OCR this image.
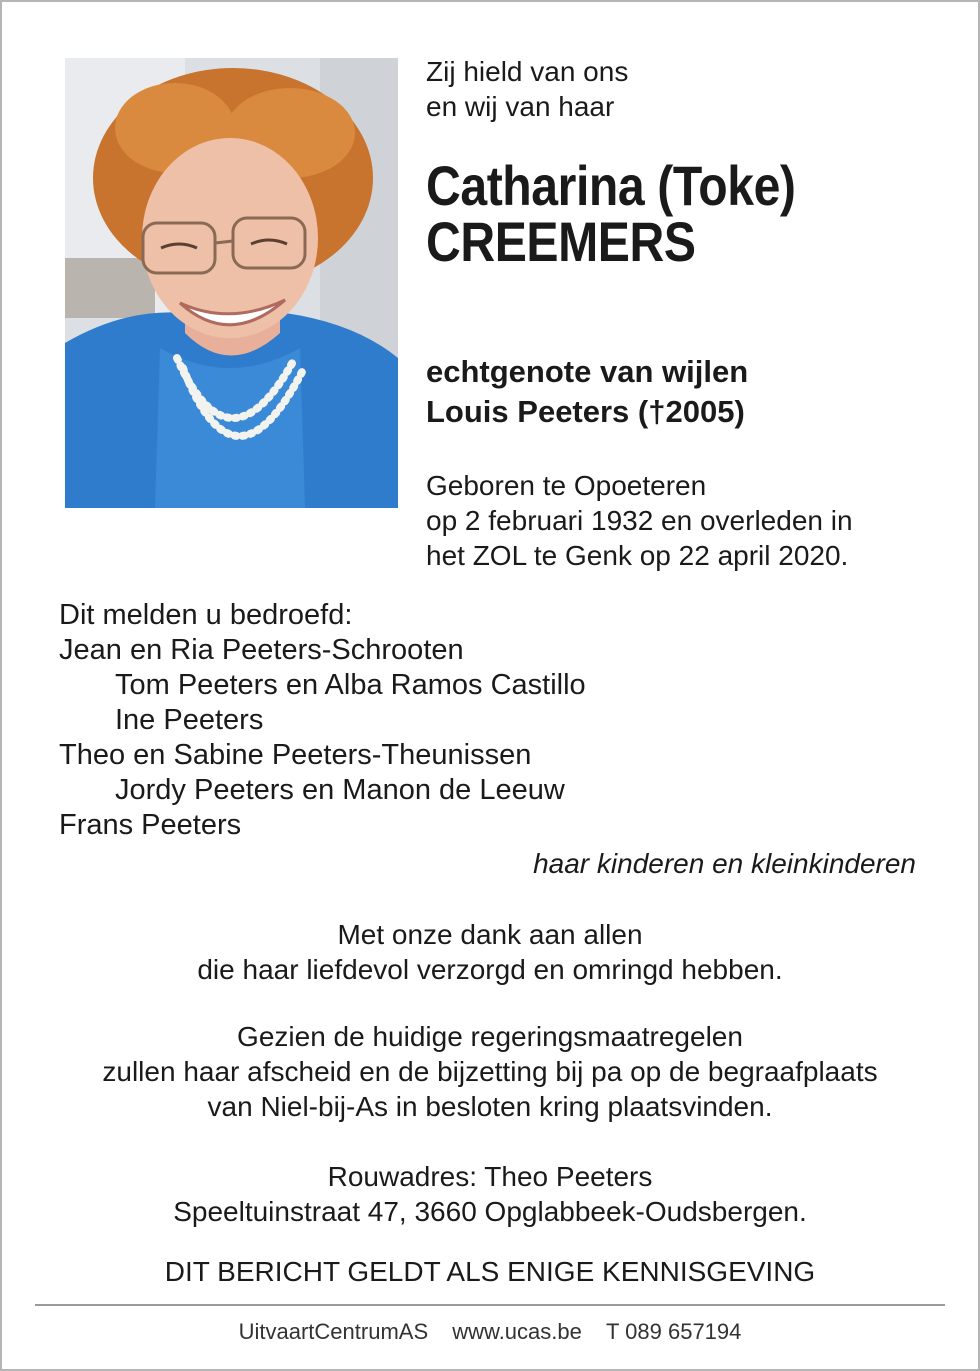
Zij hield van ons
en wij van haar
Catharina (Toke)
CREEMERS
echtgenote van wijlen
Louis Peeters (†2005)
Geboren te Opoeteren
op 2 februari 1932 en overleden in
het ZOL te Genk op 22 april 2020.
Dit melden u bedroefd:
Jean en Ria Peeters-Schrooten
Tom Peeters en Alba Ramos Castillo
Ine Peeters
Theo en Sabine Peeters-Theunissen
Jordy Peeters en Manon de Leeuw
Frans Peeters
haar kinderen en kleinkinderen
Met onze dank aan allen
die haar liefdevol verzorgd en omringd hebben.
Gezien de huidige regeringsmaatregelen
zullen haar afscheid en de bijzetting bij pa op de begraafplaats
van Niel-bij-As in besloten kring plaatsvinden.
Rouwadres: Theo Peeters
Speeltuinstraat 47, 3660 Opglabbeek-Oudsbergen.
DIT BERICHT GELDT ALS ENIGE KENNISGEVING
UitvaartCentrumAS www.ucas.be T 089 657194
